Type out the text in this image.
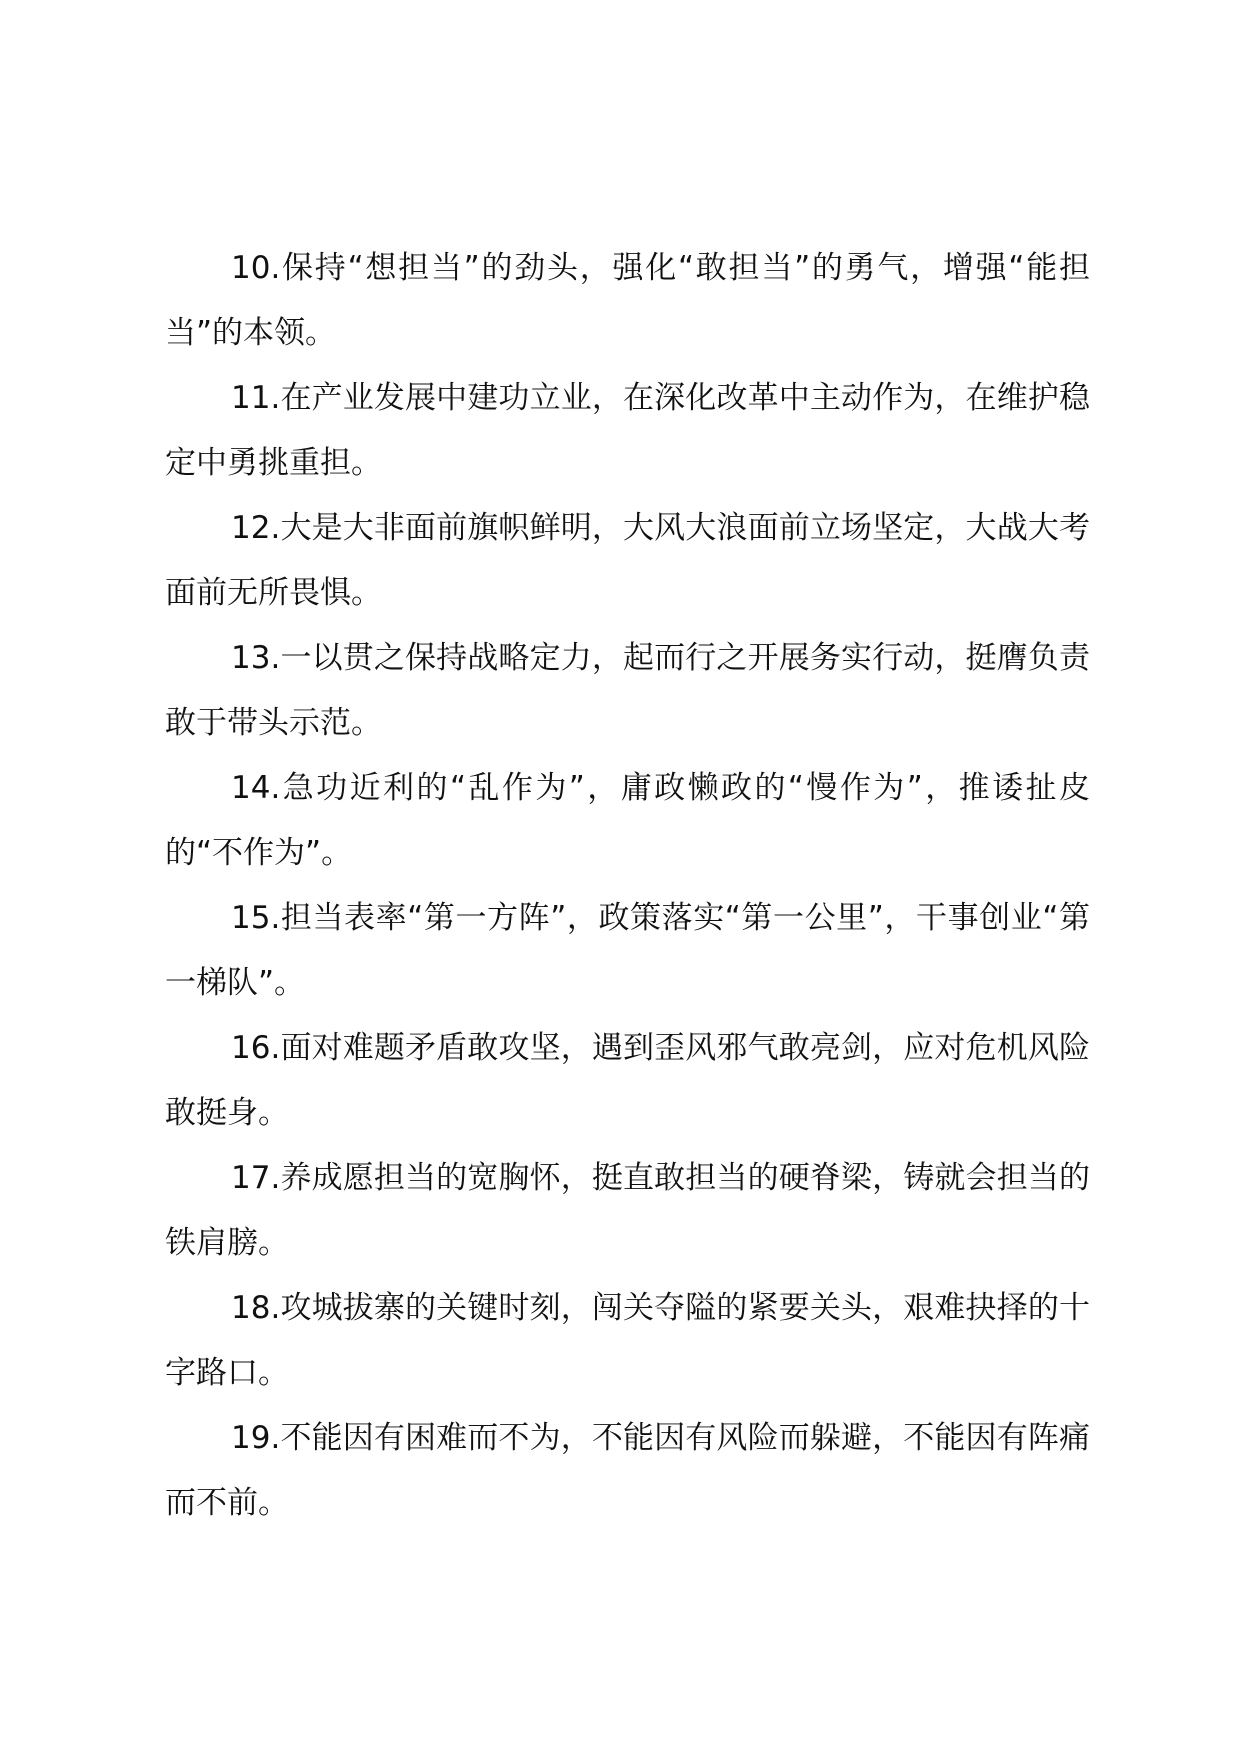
10.保持“想担当”的劲头，强化“敢担当”的勇气，增强“能担当”的本领。

11.在产业发展中建功立业，在深化改革中主动作为，在维护稳定中勇挑重担。

12.大是大非面前旗帜鲜明，大风大浪面前立场坚定，大战大考面前无所畏惧。

13.一以贯之保持战略定力，起而行之开展务实行动，挺膺负责敢于带头示范。

14.急功近利的“乱作为”，庸政懒政的“慢作为”，推诿扯皮的“不作为”。

15.担当表率“第一方阵”，政策落实“第一公里”，干事创业“第一梯队”。

16.面对难题矛盾敢攻坚，遇到歪风邪气敢亮剑，应对危机风险敢挺身。

17.养成愿担当的宽胸怀，挺直敢担当的硬脊梁，铸就会担当的铁肩膀。

18.攻城拔寨的关键时刻，闯关夺隘的紧要关头，艰难抉择的十字路口。

19.不能因有困难而不为，不能因有风险而躲避，不能因有阵痛而不前。
